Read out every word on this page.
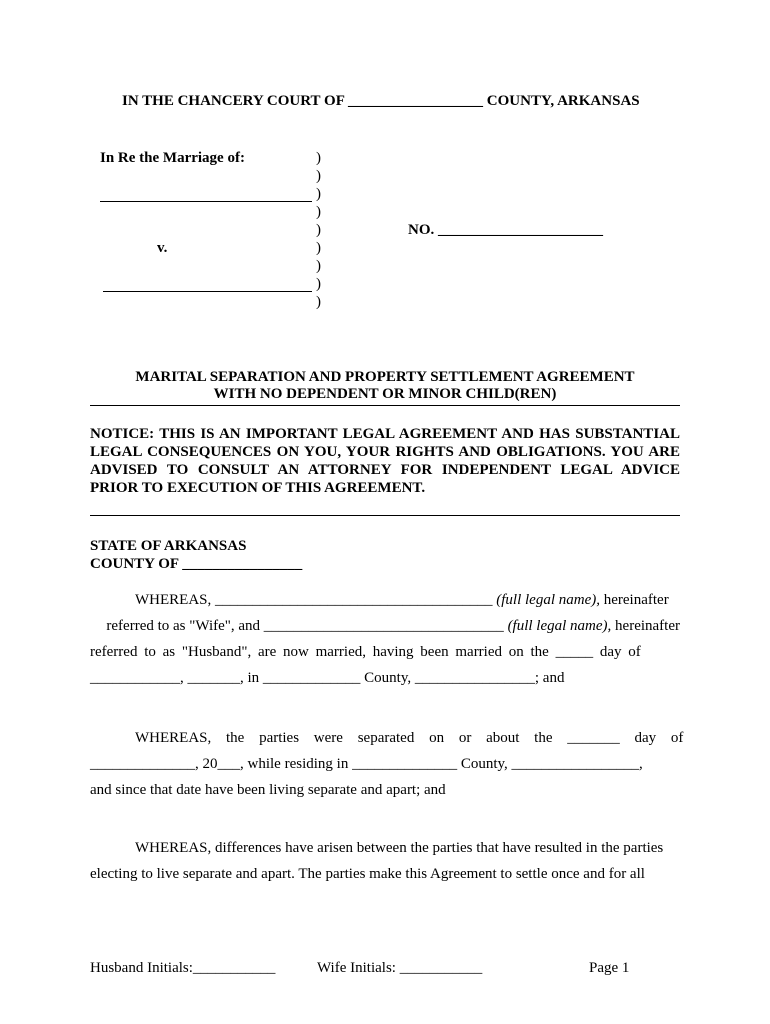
IN THE CHANCERY COURT OF __________________ COUNTY, ARKANSAS
In Re the Marriage of:
v.
)
)
)
)
)
)
)
)
)
NO. ______________________
MARITAL SEPARATION AND PROPERTY SETTLEMENT AGREEMENT
WITH NO DEPENDENT OR MINOR CHILD(REN)
NOTICE: THIS IS AN IMPORTANT LEGAL AGREEMENT AND HAS SUBSTANTIAL LEGAL CONSEQUENCES ON YOU, YOUR RIGHTS AND OBLIGATIONS. YOU ARE ADVISED TO CONSULT AN ATTORNEY FOR INDEPENDENT LEGAL ADVICE PRIOR TO EXECUTION OF THIS AGREEMENT.
STATE OF ARKANSAS
COUNTY OF ________________
WHEREAS, _____________________________________ (full legal name), hereinafter
referred to as "Wife", and ________________________________ (full legal name), hereinafter
referred to as "Husband", are now married, having been married on the _____ day of
____________, _______, in _____________ County, ________________; and
WHEREAS, the parties were separated on or about the _______ day of
______________, 20___, while residing in ______________ County, _________________,
and since that date have been living separate and apart; and
WHEREAS, differences have arisen between the parties that have resulted in the parties
electing to live separate and apart. The parties make this Agreement to settle once and for all
Husband Initials:___________	Wife Initials: ___________	Page 1
